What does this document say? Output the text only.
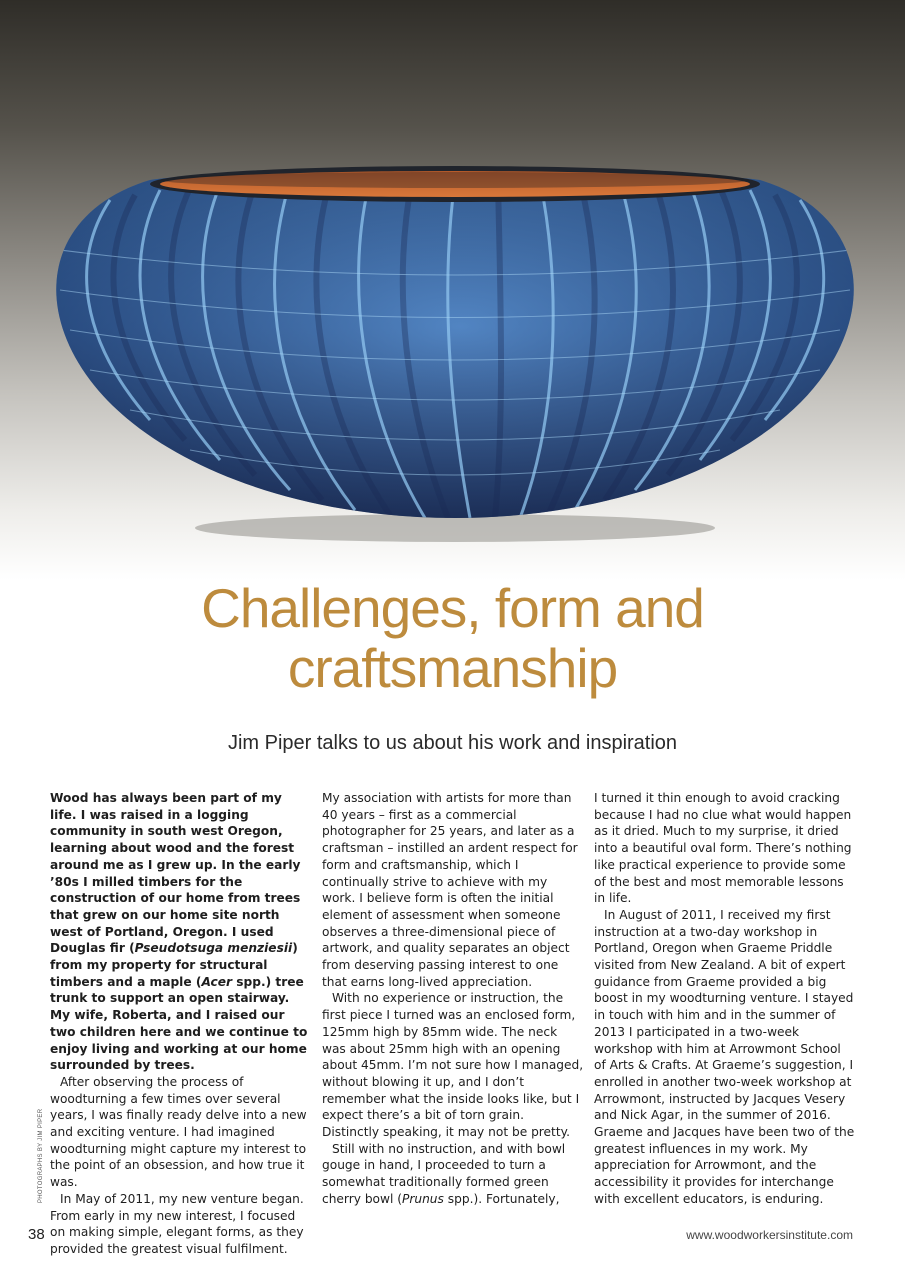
Challenges, form and
craftsmanship
Jim Piper talks to us about his work and inspiration

Wood has always been part of my life. I was raised in a logging community in south west Oregon, learning about wood and the forest around me as I grew up. In the early ’80s I milled timbers for the construction of our home from trees that grew on our home site north west of Portland, Oregon. I used Douglas fir (Pseudotsuga menziesii) from my property for structural timbers and a maple (Acer spp.) tree trunk to support an open stairway. My wife, Roberta, and I raised our two children here and we continue to enjoy living and working at our home surrounded by trees.

After observing the process of woodturning a few times over several years, I was finally ready delve into a new and exciting venture. I had imagined woodturning might capture my interest to the point of an obsession, and how true it was.

In May of 2011, my new venture began. From early in my new interest, I focused on making simple, elegant forms, as they provided the greatest visual fulfilment.

My association with artists for more than 40 years – first as a commercial photographer for 25 years, and later as a craftsman – instilled an ardent respect for form and craftsmanship, which I continually strive to achieve with my work. I believe form is often the initial element of assessment when someone observes a three-dimensional piece of artwork, and quality separates an object from deserving passing interest to one that earns long-lived appreciation.

With no experience or instruction, the first piece I turned was an enclosed form, 125mm high by 85mm wide. The neck was about 25mm high with an opening about 45mm. I’m not sure how I managed, without blowing it up, and I don’t remember what the inside looks like, but I expect there’s a bit of torn grain. Distinctly speaking, it may not be pretty.

Still with no instruction, and with bowl gouge in hand, I proceeded to turn a somewhat traditionally formed green cherry bowl (Prunus spp.). Fortunately,

I turned it thin enough to avoid cracking because I had no clue what would happen as it dried. Much to my surprise, it dried into a beautiful oval form. There’s nothing like practical experience to provide some of the best and most memorable lessons in life.

In August of 2011, I received my first instruction at a two-day workshop in Portland, Oregon when Graeme Priddle visited from New Zealand. A bit of expert guidance from Graeme provided a big boost in my woodturning venture. I stayed in touch with him and in the summer of 2013 I participated in a two-week workshop with him at Arrowmont School of Arts & Crafts. At Graeme’s suggestion, I enrolled in another two-week workshop at Arrowmont, instructed by Jacques Vesery and Nick Agar, in the summer of 2016. Graeme and Jacques have been two of the greatest influences in my work. My appreciation for Arrowmont, and the accessibility it provides for interchange with excellent educators, is enduring.

PHOTOGRAPHS BY JIM PIPER
38	www.woodworkersinstitute.com
